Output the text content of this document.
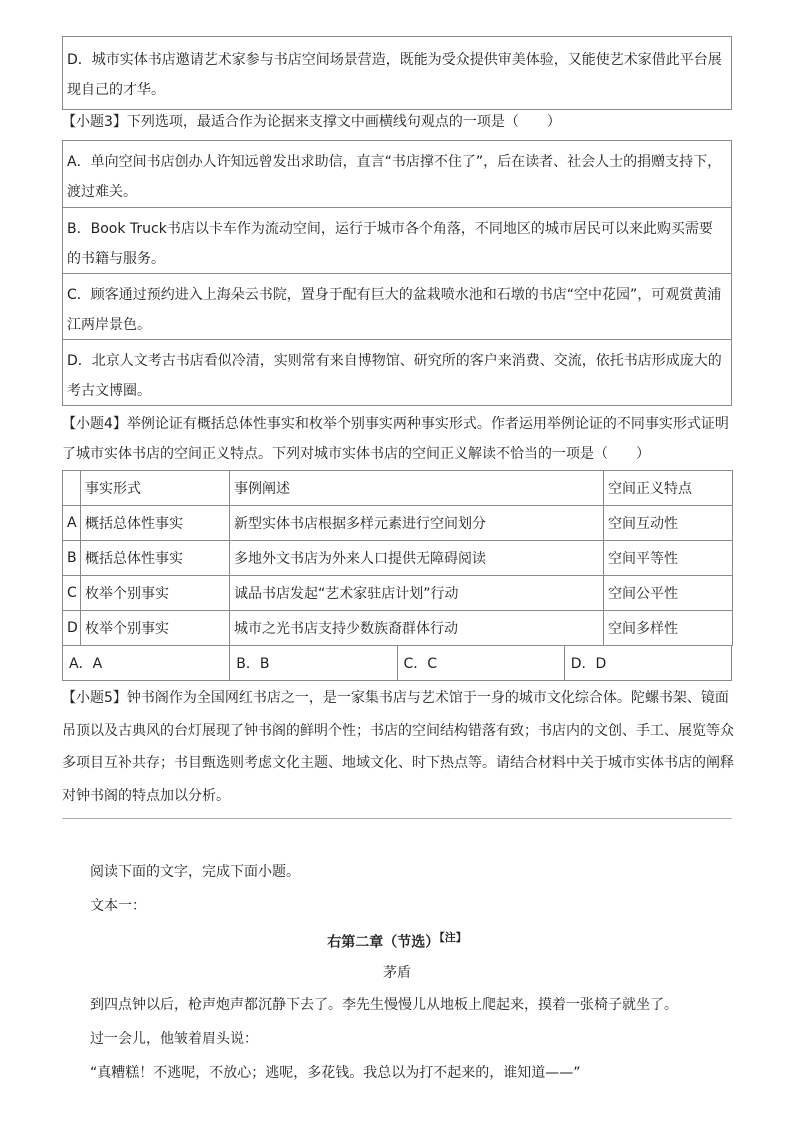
D．城市实体书店邀请艺术家参与书店空间场景营造，既能为受众提供审美体验，又能使艺术家借此平台展现自己的才华。
【小题3】下列选项，最适合作为论据来支撑文中画横线句观点的一项是（　　）
A．单向空间书店创办人许知远曾发出求助信，直言“书店撑不住了”，后在读者、社会人士的捐赠支持下，渡过难关。
B．Book Truck书店以卡车作为流动空间，运行于城市各个角落，不同地区的城市居民可以来此购买需要的书籍与服务。
C．顾客通过预约进入上海朵云书院，置身于配有巨大的盆栽喷水池和石墩的书店“空中花园”，可观赏黄浦江两岸景色。
D．北京人文考古书店看似冷清，实则常有来自博物馆、研究所的客户来消费、交流，依托书店形成庞大的考古文博圈。
【小题4】举例论证有概括总体性事实和枚举个别事实两种事实形式。作者运用举例论证的不同事实形式证明
了城市实体书店的空间正义特点。下列对城市实体书店的空间正义解读不恰当的一项是（　　）
	事实形式	事例阐述	空间正义特点
A	概括总体性事实	新型实体书店根据多样元素进行空间划分	空间互动性
B	概括总体性事实	多地外文书店为外来人口提供无障碍阅读	空间平等性
C	枚举个别事实	诚品书店发起“艺术家驻店计划”行动	空间公平性
D	枚举个别事实	城市之光书店支持少数族裔群体行动	空间多样性
A．A	B．B	C．C	D．D
【小题5】钟书阁作为全国网红书店之一，是一家集书店与艺术馆于一身的城市文化综合体。陀螺书架、镜面
吊顶以及古典风的台灯展现了钟书阁的鲜明个性；书店的空间结构错落有致；书店内的文创、手工、展览等众
多项目互补共存；书目甄选则考虑文化主题、地域文化、时下热点等。请结合材料中关于城市实体书店的阐释
对钟书阁的特点加以分析。
阅读下面的文字，完成下面小题。
文本一：
右第二章（节选）$^{【注】}$
茅盾
到四点钟以后，枪声炮声都沉静下去了。李先生慢慢儿从地板上爬起来，摸着一张椅子就坐了。
过一会儿，他皱着眉头说：
“真糟糕！不逃呢，不放心；逃呢，多花钱。我总以为打不起来的，谁知道——”
